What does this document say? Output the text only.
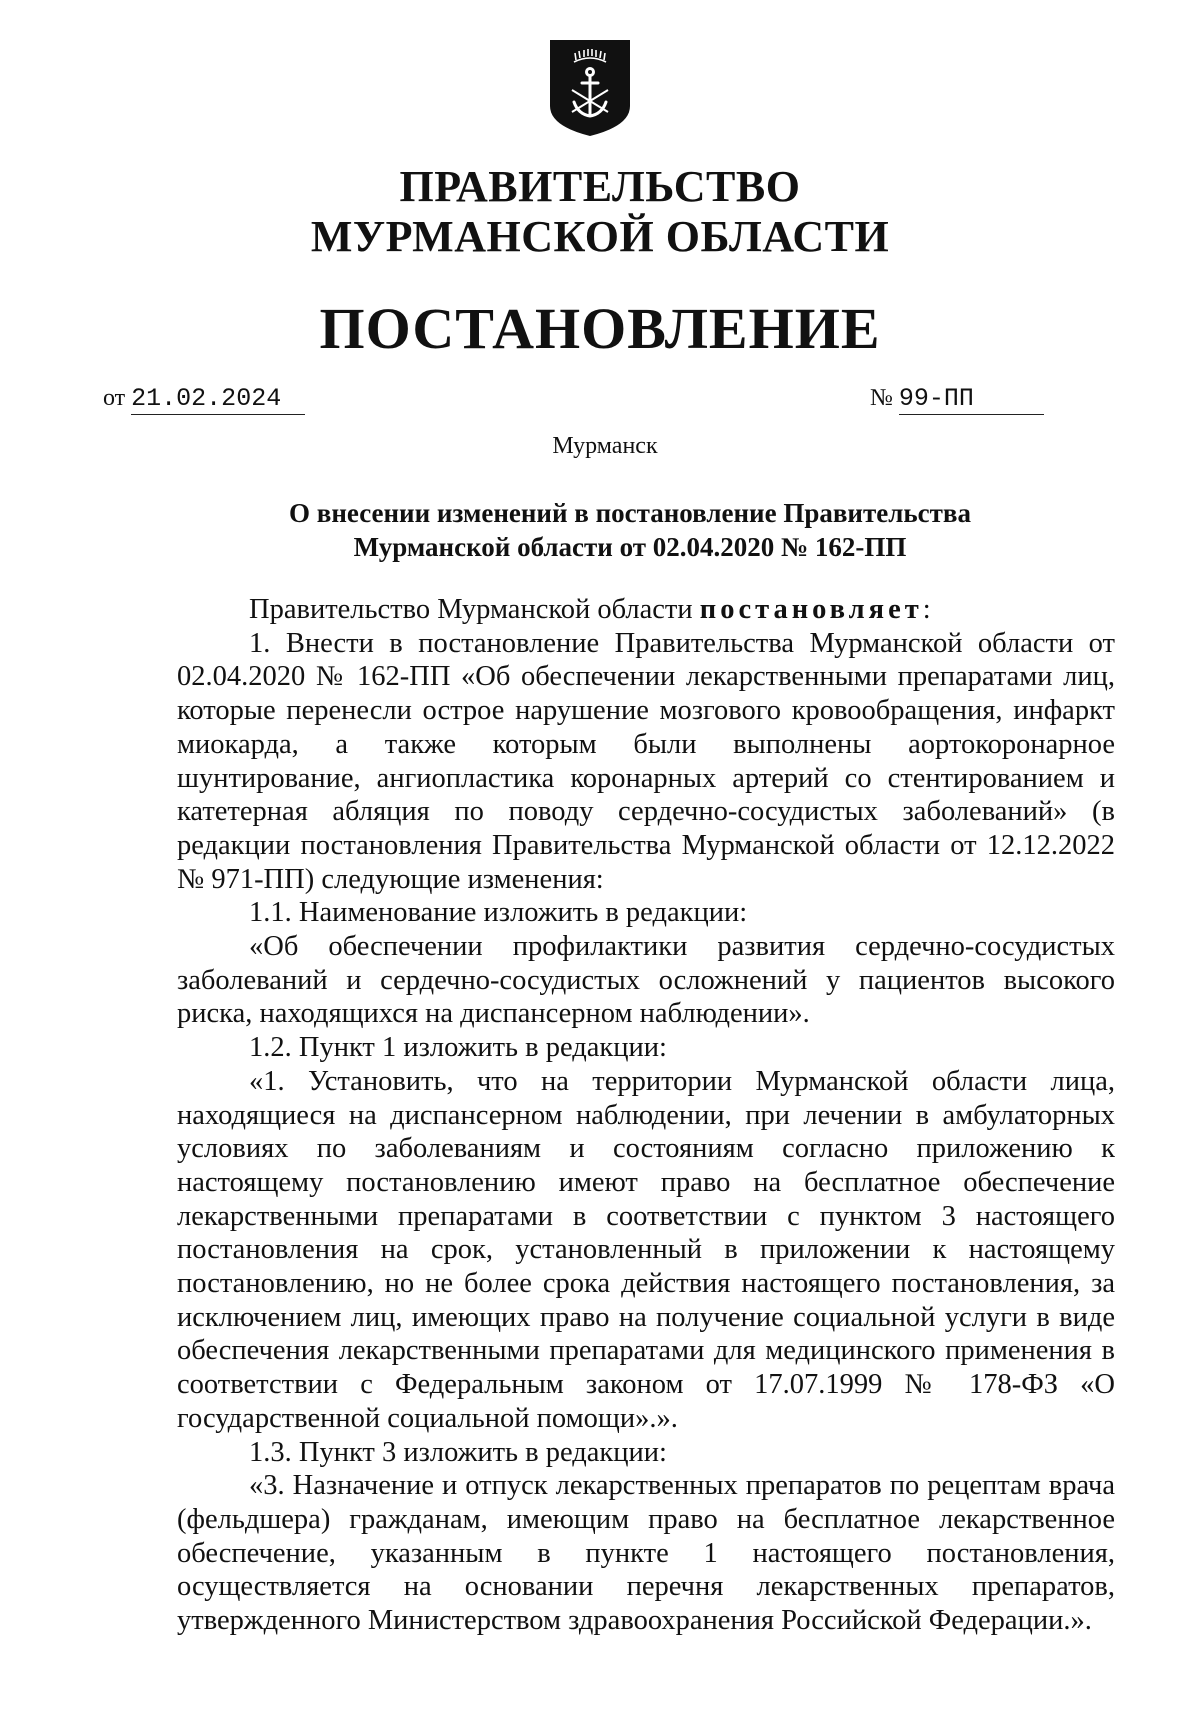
ПРАВИТЕЛЬСТВО
МУРМАНСКОЙ ОБЛАСТИ
ПОСТАНОВЛЕНИЕ
от 21.02.2024	№ 99-ПП
Мурманск
О внесении изменений в постановление Правительства
Мурманской области от 02.04.2020 № 162-ПП

Правительство Мурманской области постановляет:

1. Внести в постановление Правительства Мурманской области от 02.04.2020 № 162-ПП «Об обеспечении лекарственными препаратами лиц, которые перенесли острое нарушение мозгового кровообращения, инфаркт миокарда, а также которым были выполнены аортокоронарное шунтирование, ангиопластика коронарных артерий со стентированием и катетерная абляция по поводу сердечно-сосудистых заболеваний» (в редакции постановления Правительства Мурманской области от 12.12.2022 № 971-ПП) следующие изменения:

1.1. Наименование изложить в редакции:

«Об обеспечении профилактики развития сердечно-сосудистых заболеваний и сердечно-сосудистых осложнений у пациентов высокого риска, находящихся на диспансерном наблюдении».

1.2. Пункт 1 изложить в редакции:

«1. Установить, что на территории Мурманской области лица, находящиеся на диспансерном наблюдении, при лечении в амбулаторных условиях по заболеваниям и состояниям согласно приложению к настоящему постановлению имеют право на бесплатное обеспечение лекарственными препаратами в соответствии с пунктом 3 настоящего постановления на срок, установленный в приложении к настоящему постановлению, но не более срока действия настоящего постановления, за исключением лиц, имеющих право на получение социальной услуги в виде обеспечения лекарственными препаратами для медицинского применения в соответствии с Федеральным законом от 17.07.1999 № 178-ФЗ «О государственной социальной помощи».».

1.3. Пункт 3 изложить в редакции:

«3. Назначение и отпуск лекарственных препаратов по рецептам врача (фельдшера) гражданам, имеющим право на бесплатное лекарственное обеспечение, указанным в пункте 1 настоящего постановления, осуществляется на основании перечня лекарственных препаратов, утвержденного Министерством здравоохранения Российской Федерации.».
